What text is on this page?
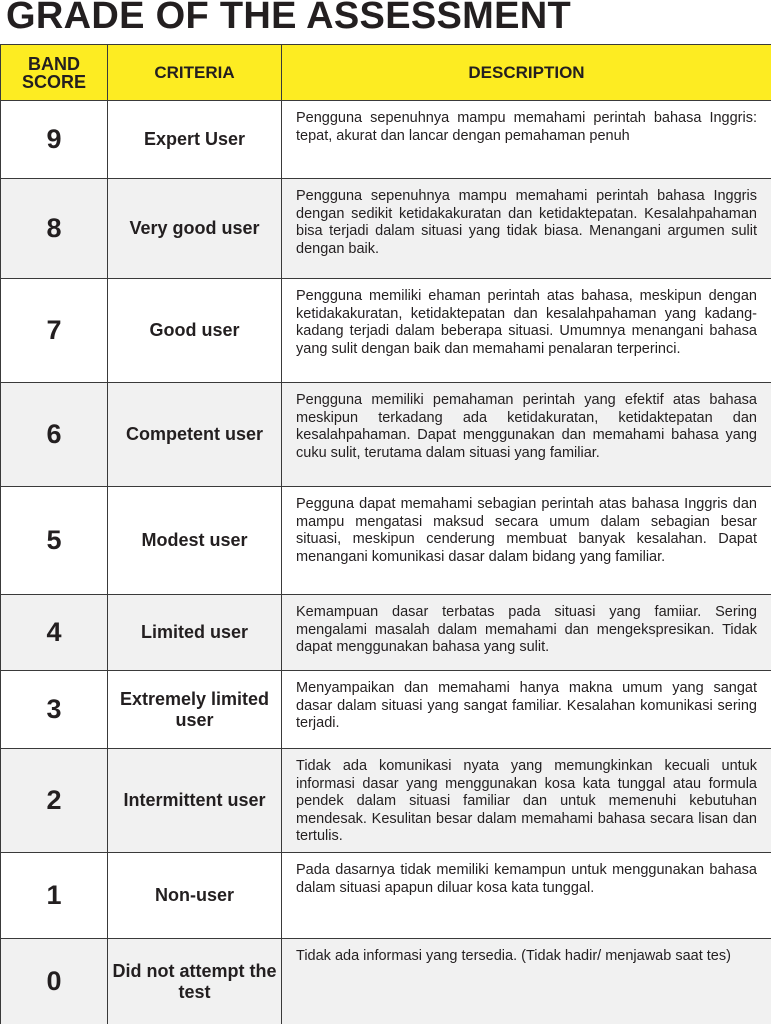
GRADE OF THE ASSESSMENT
BAND
SCORE	CRITERIA	DESCRIPTION
9	Expert User	Pengguna sepenuhnya mampu memahami perintah bahasa Inggris: tepat, akurat dan lancar dengan pemahaman penuh
8	Very good user	Pengguna sepenuhnya mampu memahami perintah bahasa Inggris dengan sedikit ketidakakuratan dan ketidaktepatan. Kesalahpahaman bisa terjadi dalam situasi yang tidak biasa. Menangani argumen sulit dengan baik.
7	Good user	Pengguna memiliki ehaman perintah atas bahasa, meskipun dengan ketidakakuratan, ketidaktepatan dan kesalahpahaman yang kadang-kadang terjadi dalam beberapa situasi. Umumnya menangani bahasa yang sulit dengan baik dan memahami penalaran terperinci.
6	Competent user	Pengguna memiliki pemahaman perintah yang efektif atas bahasa meskipun terkadang ada ketidakuratan, ketidaktepatan dan kesalahpahaman. Dapat menggunakan dan memahami bahasa yang cuku sulit, terutama dalam situasi yang familiar.
5	Modest user	Pegguna dapat memahami sebagian perintah atas bahasa Inggris dan mampu mengatasi maksud secara umum dalam sebagian besar situasi, meskipun cenderung membuat banyak kesalahan. Dapat menangani komunikasi dasar dalam bidang yang familiar.
4	Limited user	Kemampuan dasar terbatas pada situasi yang famiiar. Sering mengalami masalah dalam memahami dan mengekspresikan. Tidak dapat menggunakan bahasa yang sulit.
3	Extremely limited user	Menyampaikan dan memahami hanya makna umum yang sangat dasar dalam situasi yang sangat familiar. Kesalahan komunikasi sering terjadi.
2	Intermittent user	Tidak ada komunikasi nyata yang memungkinkan kecuali untuk informasi dasar yang menggunakan kosa kata tunggal atau formula pendek dalam situasi familiar dan untuk memenuhi kebutuhan mendesak. Kesulitan besar dalam memahami bahasa secara lisan dan tertulis.
1	Non-user	Pada dasarnya tidak memiliki kemampun untuk menggunakan bahasa dalam situasi apapun diluar kosa kata tunggal.
0	Did not attempt the test	Tidak ada informasi yang tersedia. (Tidak hadir/ menjawab saat tes)
